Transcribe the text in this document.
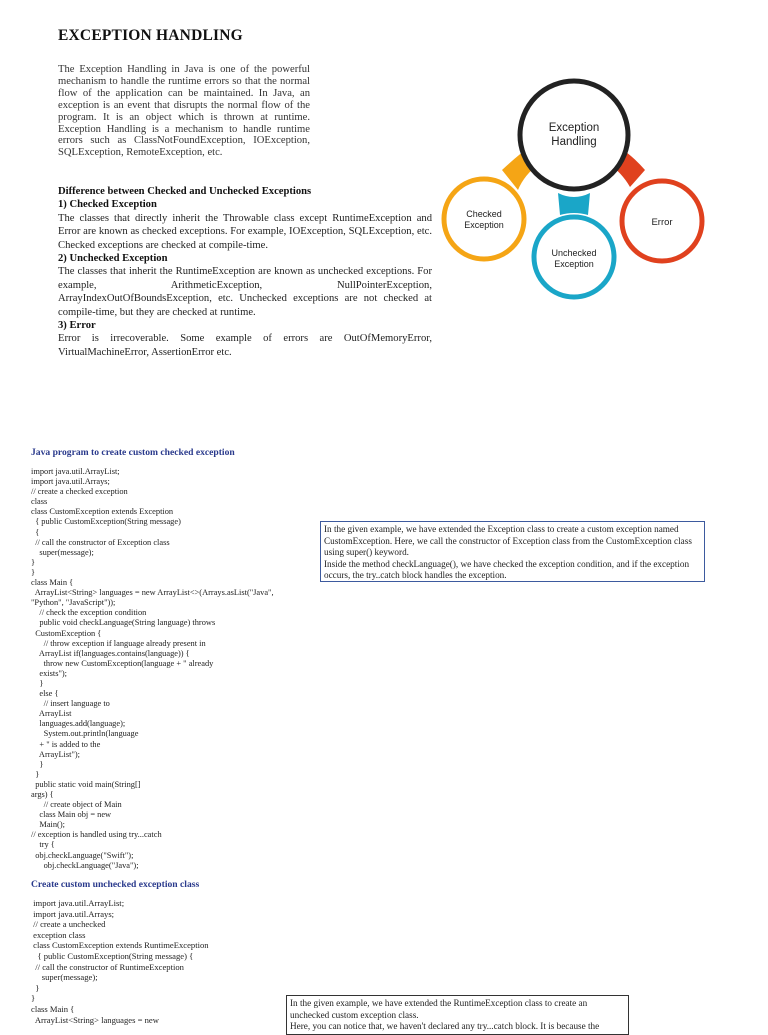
EXCEPTION HANDLING
The Exception Handling in Java is one of the powerful mechanism to handle the runtime errors so that the normal flow of the application can be maintained. In Java, an exception is an event that disrupts the normal flow of the program. It is an object which is thrown at runtime. Exception Handling is a mechanism to handle runtime errors such as ClassNotFoundException, IOException, SQLException, RemoteException, etc.

Difference between Checked and Unchecked Exceptions

1) Checked Exception

The classes that directly inherit the Throwable class except RuntimeException and Error are known as checked exceptions. For example, IOException, SQLException, etc. Checked exceptions are checked at compile-time.

2) Unchecked Exception

The classes that inherit the RuntimeException are known as unchecked exceptions. For example, ArithmeticException, NullPointerException, ArrayIndexOutOfBoundsException, etc. Unchecked exceptions are not checked at compile-time, but they are checked at runtime.

3) Error

Error is irrecoverable. Some example of errors are OutOfMemoryError, VirtualMachineError, AssertionError etc.

Exception
Handling
Checked
Exception
Unchecked
Exception
Error
Java program to create custom checked exception
import java.util.ArrayList;
import java.util.Arrays;
// create a checked exception
class
class CustomException extends Exception
{ public CustomException(String message)
{
// call the constructor of Exception class
super(message);
}
}
class Main {
ArrayList<String> languages = new ArrayList<>(Arrays.asList("Java",
"Python", "JavaScript"));
// check the exception condition
public void checkLanguage(String language) throws
CustomException {
// throw exception if language already present in
ArrayList if(languages.contains(language)) {
throw new CustomException(language + " already
exists");
}
else {
// insert language to
ArrayList
languages.add(language);
System.out.println(language
+ " is added to the
ArrayList");
}
}
public static void main(String[]
args) {
// create object of Main
class Main obj = new
Main();
// exception is handled using try...catch
try {
obj.checkLanguage("Swift");
obj.checkLanguage("Java");

In the given example, we have extended the Exception class to create a custom exception named CustomException. Here, we call the constructor of Exception class from the CustomException class using super() keyword.

Inside the method checkLanguage(), we have checked the exception condition, and if the exception occurs, the try..catch block handles the exception.

Create custom unchecked exception class
import java.util.ArrayList;
import java.util.Arrays;
// create a unchecked
exception class
class CustomException extends RuntimeException
{ public CustomException(String message) {
// call the constructor of RuntimeException
super(message);
}
}
class Main {
ArrayList<String> languages = new

In the given example, we have extended the RuntimeException class to create an unchecked custom exception class.

Here, you can notice that, we haven't declared any try...catch block. It is because the
